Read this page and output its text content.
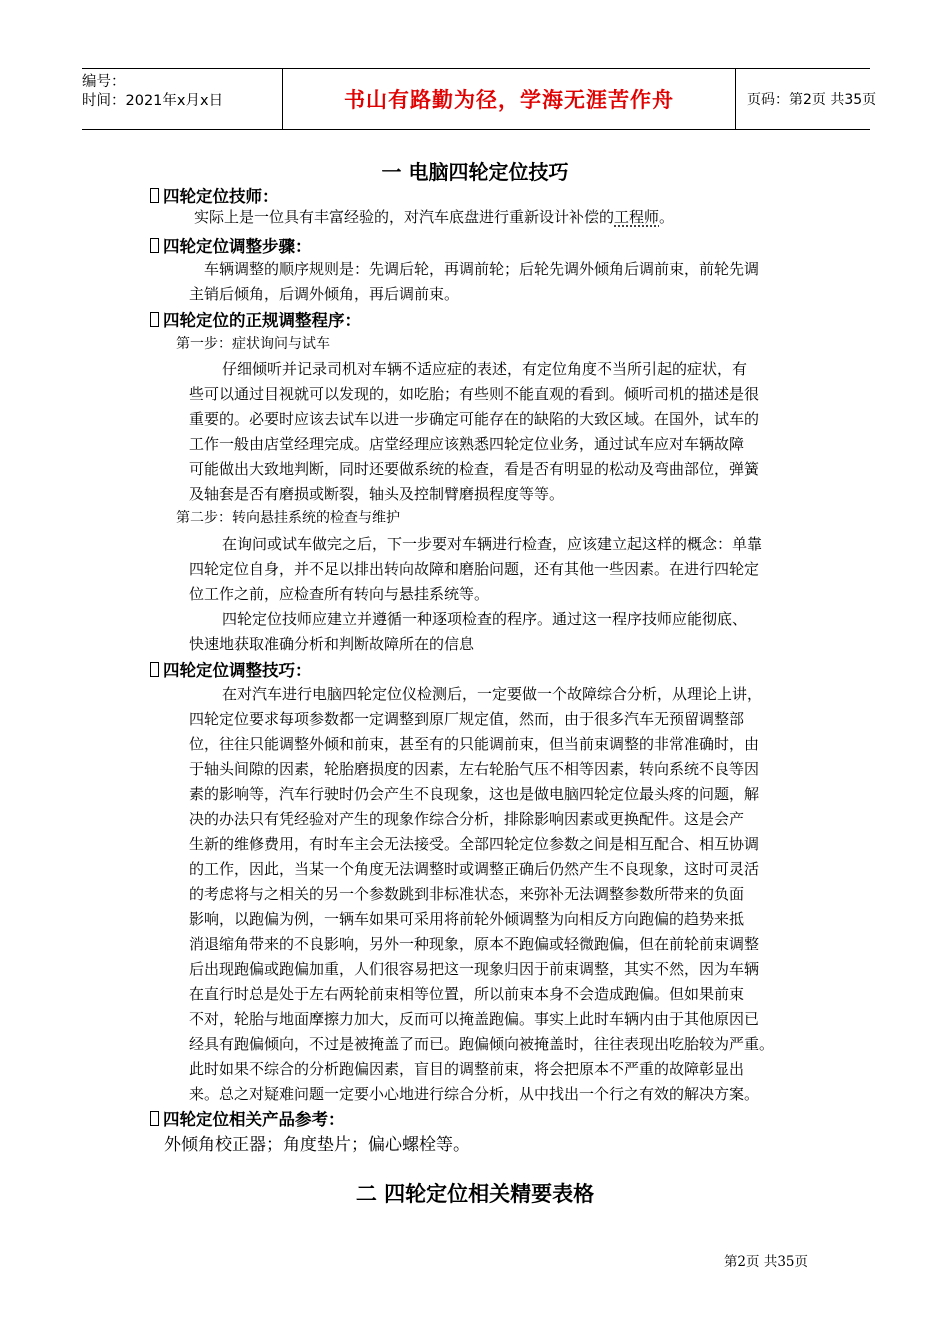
编号：
时间：2021年x月x日	书山有路勤为径，学海无涯苦作舟	页码：第2页 共35页
一 电脑四轮定位技巧
四轮定位技师：
实际上是一位具有丰富经验的，对汽车底盘进行重新设计补偿的工程师。
四轮定位调整步骤：
车辆调整的顺序规则是：先调后轮，再调前轮；后轮先调外倾角后调前束，前轮先调
主销后倾角，后调外倾角，再后调前束。
四轮定位的正规调整程序：
第一步：症状询问与试车
仔细倾听并记录司机对车辆不适应症的表述，有定位角度不当所引起的症状，有
些可以通过目视就可以发现的，如吃胎；有些则不能直观的看到。倾听司机的描述是很
重要的。必要时应该去试车以进一步确定可能存在的缺陷的大致区域。在国外，试车的
工作一般由店堂经理完成。店堂经理应该熟悉四轮定位业务，通过试车应对车辆故障
可能做出大致地判断，同时还要做系统的检查，看是否有明显的松动及弯曲部位，弹簧
及轴套是否有磨损或断裂，轴头及控制臂磨损程度等等。
第二步：转向悬挂系统的检查与维护
在询问或试车做完之后，下一步要对车辆进行检查，应该建立起这样的概念：单靠
四轮定位自身，并不足以排出转向故障和磨胎问题，还有其他一些因素。在进行四轮定
位工作之前，应检查所有转向与悬挂系统等。
四轮定位技师应建立并遵循一种逐项检查的程序。通过这一程序技师应能彻底、
快速地获取准确分析和判断故障所在的信息
四轮定位调整技巧：
在对汽车进行电脑四轮定位仪检测后，一定要做一个故障综合分析，从理论上讲，
四轮定位要求每项参数都一定调整到原厂规定值，然而，由于很多汽车无预留调整部
位，往往只能调整外倾和前束，甚至有的只能调前束，但当前束调整的非常准确时，由
于轴头间隙的因素，轮胎磨损度的因素，左右轮胎气压不相等因素，转向系统不良等因
素的影响等，汽车行驶时仍会产生不良现象，这也是做电脑四轮定位最头疼的问题，解
决的办法只有凭经验对产生的现象作综合分析，排除影响因素或更换配件。这是会产
生新的维修费用，有时车主会无法接受。全部四轮定位参数之间是相互配合、相互协调
的工作，因此，当某一个角度无法调整时或调整正确后仍然产生不良现象，这时可灵活
的考虑将与之相关的另一个参数跳到非标准状态，来弥补无法调整参数所带来的负面
影响，以跑偏为例，一辆车如果可采用将前轮外倾调整为向相反方向跑偏的趋势来抵
消退缩角带来的不良影响，另外一种现象，原本不跑偏或轻微跑偏，但在前轮前束调整
后出现跑偏或跑偏加重，人们很容易把这一现象归因于前束调整，其实不然，因为车辆
在直行时总是处于左右两轮前束相等位置，所以前束本身不会造成跑偏。但如果前束
不对，轮胎与地面摩擦力加大，反而可以掩盖跑偏。事实上此时车辆内由于其他原因已
经具有跑偏倾向，不过是被掩盖了而已。跑偏倾向被掩盖时，往往表现出吃胎较为严重。
此时如果不综合的分析跑偏因素，盲目的调整前束，将会把原本不严重的故障彰显出
来。总之对疑难问题一定要小心地进行综合分析，从中找出一个行之有效的解决方案。
四轮定位相关产品参考：
外倾角校正器；角度垫片；偏心螺栓等。
二 四轮定位相关精要表格
第2页 共35页
